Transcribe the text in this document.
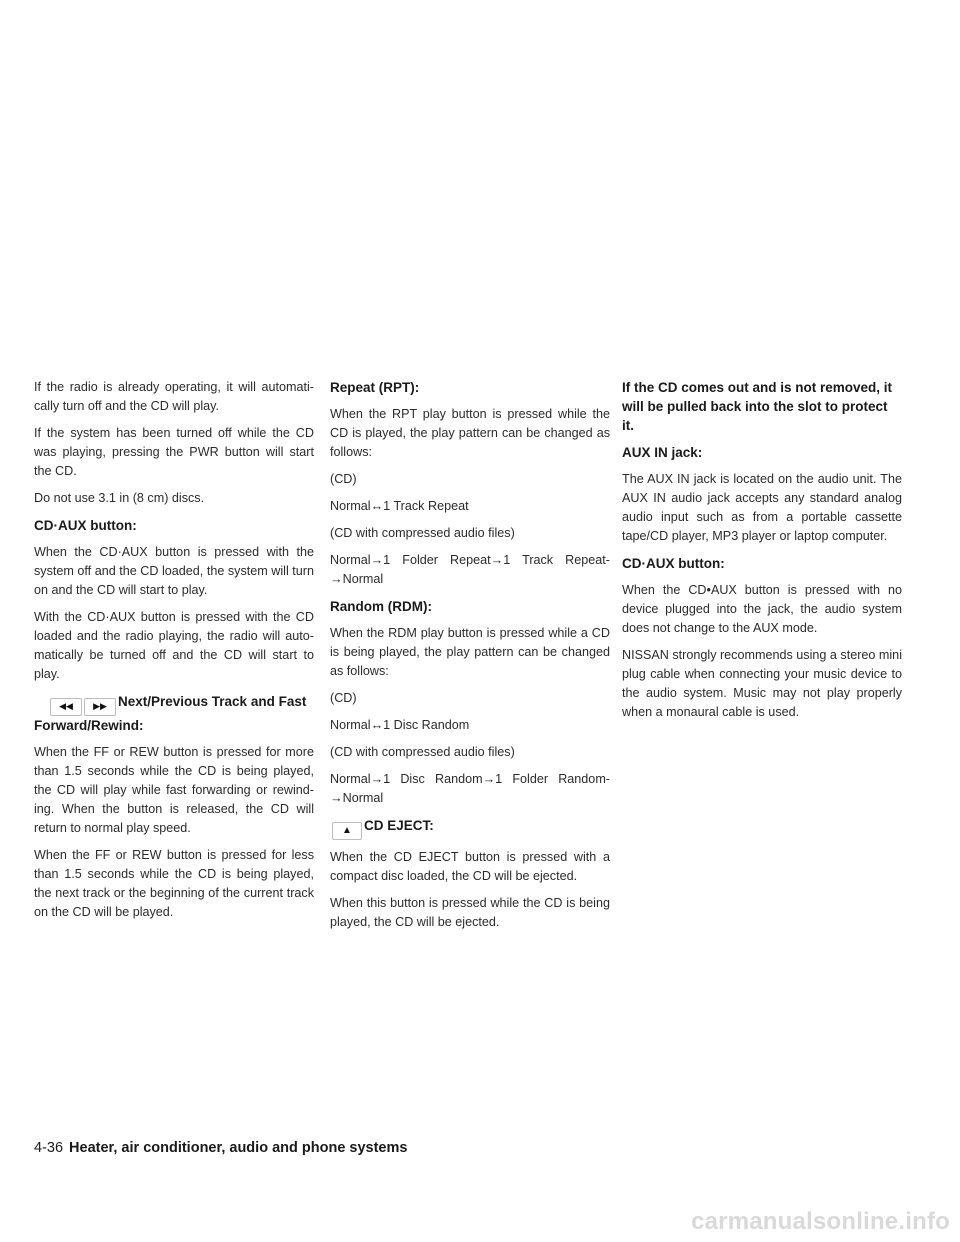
If the radio is already operating, it will automati-cally turn off and the CD will play.

If the system has been turned off while the CD was playing, pressing the PWR button will start the CD.

Do not use 3.1 in (8 cm) discs.

CD·AUX button:

When the CD·AUX button is pressed with the system off and the CD loaded, the system will turn on and the CD will start to play.

With the CD·AUX button is pressed with the CD loaded and the radio playing, the radio will auto-matically be turned off and the CD will start to play.

◀◀ ▶▶ Next/Previous Track and Fast Forward/Rewind:

When the FF or REW button is pressed for more than 1.5 seconds while the CD is being played, the CD will play while fast forwarding or rewind-ing. When the button is released, the CD will return to normal play speed.

When the FF or REW button is pressed for less than 1.5 seconds while the CD is being played, the next track or the beginning of the current track on the CD will be played.

Repeat (RPT):

When the RPT play button is pressed while the CD is played, the play pattern can be changed as follows:

(CD)

Normal↔1 Track Repeat

(CD with compressed audio files)

Normal→1 Folder Repeat→1 Track Repeat-→Normal

Random (RDM):

When the RDM play button is pressed while a CD is being played, the play pattern can be changed as follows:

(CD)

Normal↔1 Disc Random

(CD with compressed audio files)

Normal→1 Disc Random→1 Folder Random-→Normal

▲ CD EJECT:

When the CD EJECT button is pressed with a compact disc loaded, the CD will be ejected.

When this button is pressed while the CD is being played, the CD will be ejected.

If the CD comes out and is not removed, it will be pulled back into the slot to protect it.

AUX IN jack:

The AUX IN jack is located on the audio unit. The AUX IN audio jack accepts any standard analog audio input such as from a portable cassette tape/CD player, MP3 player or laptop computer.

CD·AUX button:

When the CD•AUX button is pressed with no device plugged into the jack, the audio system does not change to the AUX mode.

NISSAN strongly recommends using a stereo mini plug cable when connecting your music device to the audio system. Music may not play properly when a monaural cable is used.

4-36 Heater, air conditioner, audio and phone systems
carmanualsonline.info
